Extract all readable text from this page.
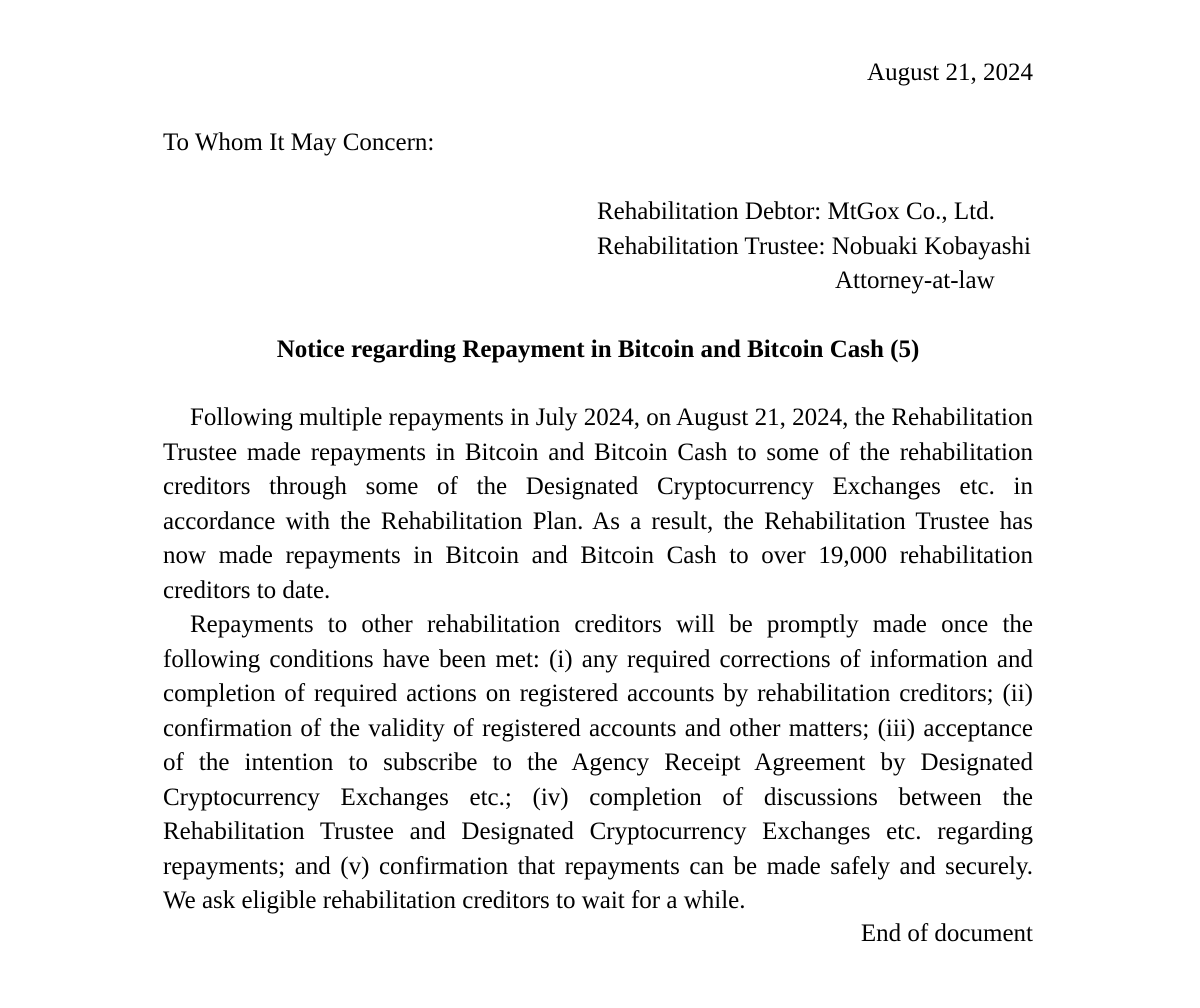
August 21, 2024
To Whom It May Concern:
Rehabilitation Debtor: MtGox Co., Ltd.
Rehabilitation Trustee: Nobuaki Kobayashi
Attorney-at-law
Notice regarding Repayment in Bitcoin and Bitcoin Cash (5)

Following multiple repayments in July 2024, on August 21, 2024, the Rehabilitation Trustee made repayments in Bitcoin and Bitcoin Cash to some of the rehabilitation creditors through some of the Designated Cryptocurrency Exchanges etc. in accordance with the Rehabilitation Plan. As a result, the Rehabilitation Trustee has now made repayments in Bitcoin and Bitcoin Cash to over 19,000 rehabilitation creditors to date.

Repayments to other rehabilitation creditors will be promptly made once the following conditions have been met: (i) any required corrections of information and completion of required actions on registered accounts by rehabilitation creditors; (ii) confirmation of the validity of registered accounts and other matters; (iii) acceptance of the intention to subscribe to the Agency Receipt Agreement by Designated Cryptocurrency Exchanges etc.; (iv) completion of discussions between the Rehabilitation Trustee and Designated Cryptocurrency Exchanges etc. regarding repayments; and (v) confirmation that repayments can be made safely and securely. We ask eligible rehabilitation creditors to wait for a while.

End of document
